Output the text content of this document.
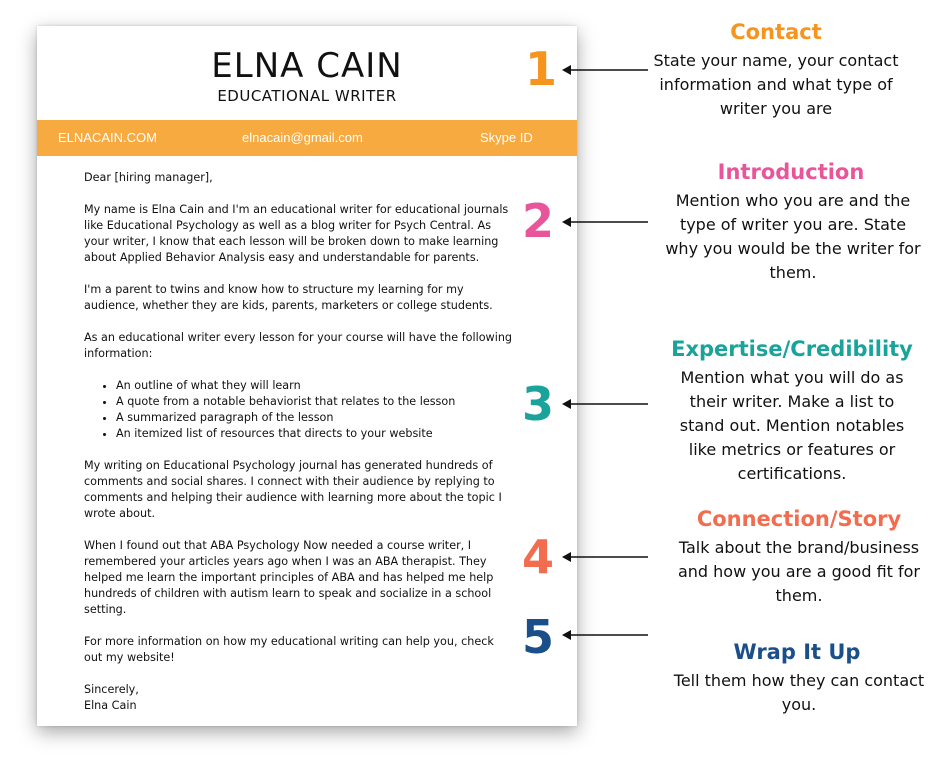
ELNA CAIN
EDUCATIONAL WRITER
ELNACAIN.COM	elnacain@gmail.com	Skype ID

Dear [hiring manager],

My name is Elna Cain and I'm an educational writer for educational journals like Educational Psychology as well as a blog writer for Psych Central. As your writer, I know that each lesson will be broken down to make learning about Applied Behavior Analysis easy and understandable for parents.

I'm a parent to twins and know how to structure my learning for my audience, whether they are kids, parents, marketers or college students.

As an educational writer every lesson for your course will have the following information:

• An outline of what they will learn
• A quote from a notable behaviorist that relates to the lesson
• A summarized paragraph of the lesson
• An itemized list of resources that directs to your website

My writing on Educational Psychology journal has generated hundreds of comments and social shares. I connect with their audience by replying to comments and helping their audience with learning more about the topic I wrote about.

When I found out that ABA Psychology Now needed a course writer, I remembered your articles years ago when I was an ABA therapist. They helped me learn the important principles of ABA and has helped me help hundreds of children with autism learn to speak and socialize in a school setting.

For more information on how my educational writing can help you, check out my website!

Sincerely,
Elna Cain
1
2
3
4
5
Contact
State your name, your contact information and what type of writer you are
Introduction
Mention who you are and the type of writer you are. State why you would be the writer for them.
Expertise/Credibility
Mention what you will do as their writer. Make a list to stand out. Mention notables like metrics or features or certifications.
Connection/Story
Talk about the brand/business and how you are a good fit for them.
Wrap It Up
Tell them how they can contact you.
